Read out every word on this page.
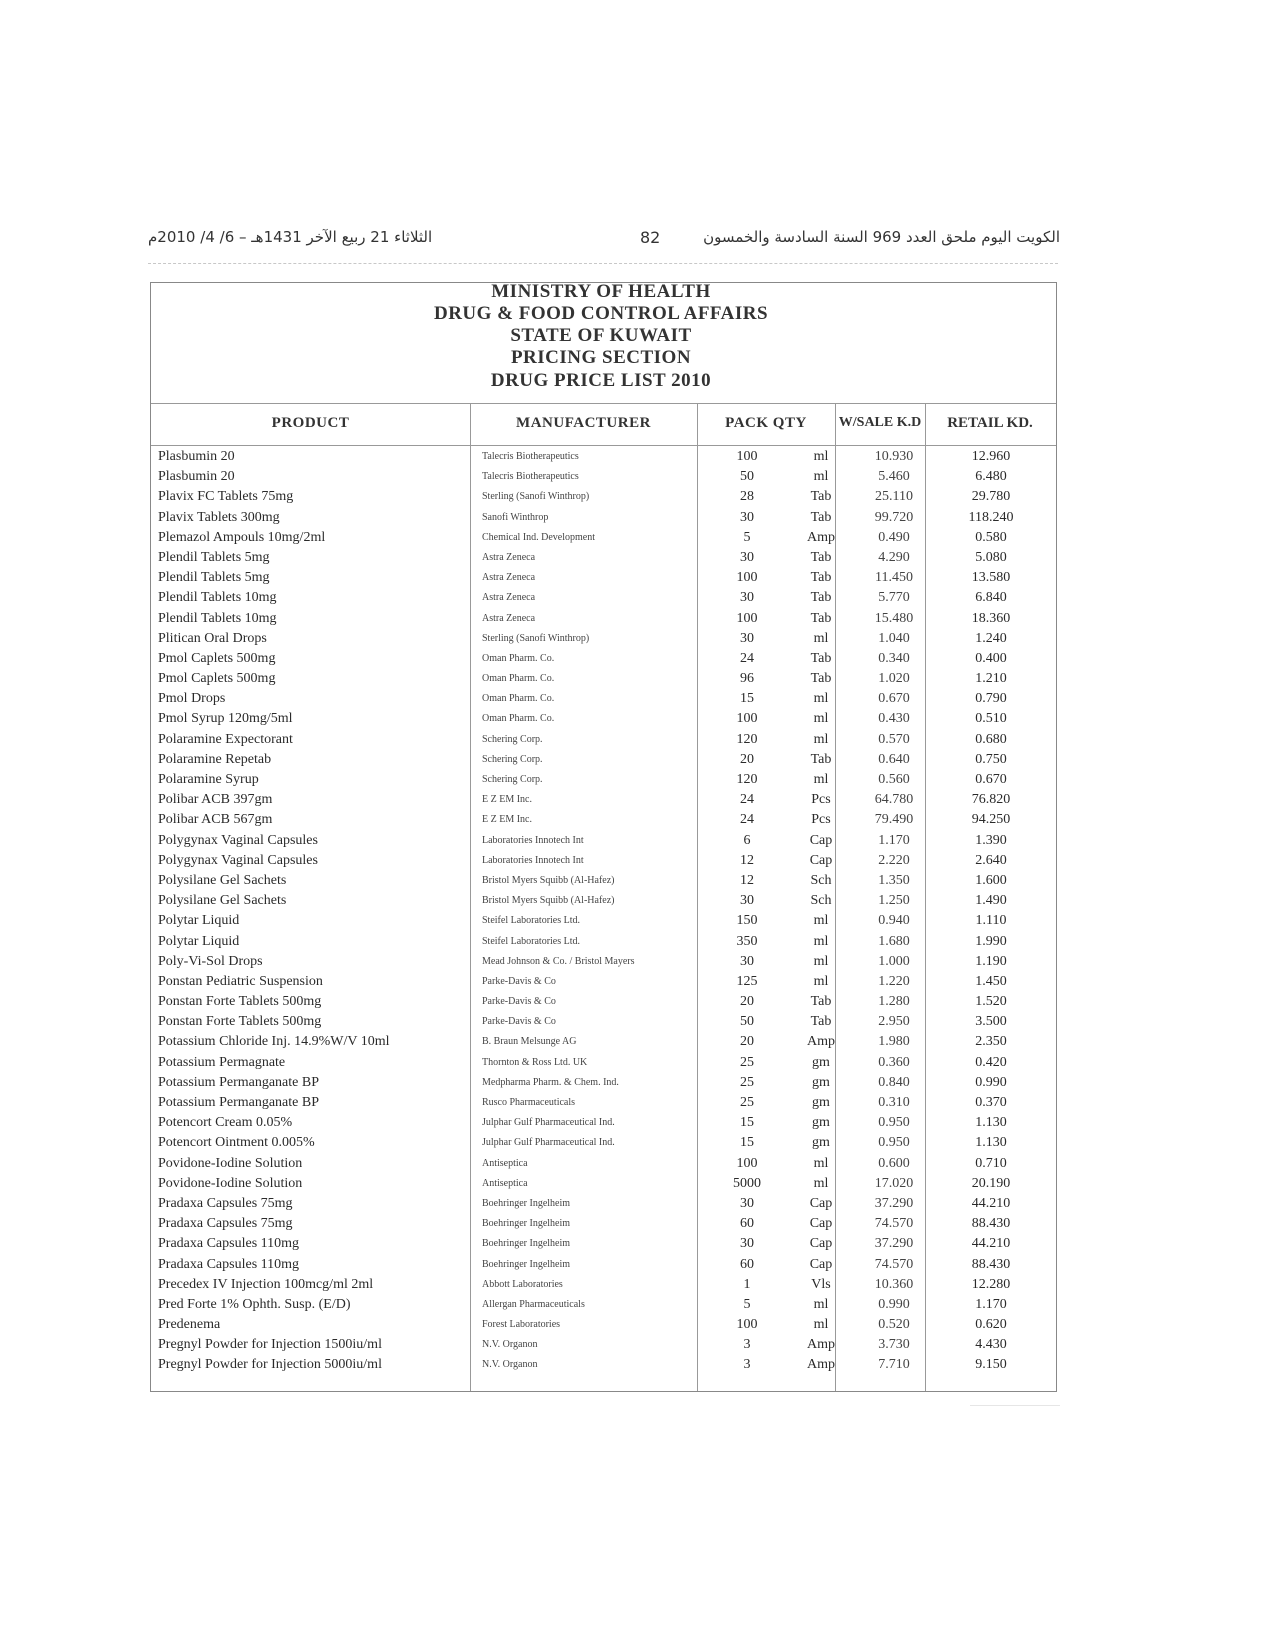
الثلاثاء 21 ربيع الآخر 1431هـ – 6/ 4/ 2010م	82	الكويت اليوم ملحق العدد 969 السنة السادسة والخمسون
MINISTRY OF HEALTH
DRUG & FOOD CONTROL AFFAIRS
STATE OF KUWAIT
PRICING SECTION
DRUG PRICE LIST 2010
PRODUCT	MANUFACTURER	PACK QTY	W/SALE K.D	RETAIL KD.
Plasbumin 20	Talecris Biotherapeutics	100	ml	10.930	12.960
Plasbumin 20	Talecris Biotherapeutics	50	ml	5.460	6.480
Plavix FC Tablets 75mg	Sterling (Sanofi Winthrop)	28	Tab	25.110	29.780
Plavix Tablets 300mg	Sanofi Winthrop	30	Tab	99.720	118.240
Plemazol Ampouls 10mg/2ml	Chemical Ind. Development	5	Amp	0.490	0.580
Plendil Tablets 5mg	Astra Zeneca	30	Tab	4.290	5.080
Plendil Tablets 5mg	Astra Zeneca	100	Tab	11.450	13.580
Plendil Tablets 10mg	Astra Zeneca	30	Tab	5.770	6.840
Plendil Tablets 10mg	Astra Zeneca	100	Tab	15.480	18.360
Plitican Oral Drops	Sterling (Sanofi Winthrop)	30	ml	1.040	1.240
Pmol Caplets 500mg	Oman Pharm. Co.	24	Tab	0.340	0.400
Pmol Caplets 500mg	Oman Pharm. Co.	96	Tab	1.020	1.210
Pmol Drops	Oman Pharm. Co.	15	ml	0.670	0.790
Pmol Syrup 120mg/5ml	Oman Pharm. Co.	100	ml	0.430	0.510
Polaramine Expectorant	Schering Corp.	120	ml	0.570	0.680
Polaramine Repetab	Schering Corp.	20	Tab	0.640	0.750
Polaramine Syrup	Schering Corp.	120	ml	0.560	0.670
Polibar ACB 397gm	E Z EM Inc.	24	Pcs	64.780	76.820
Polibar ACB 567gm	E Z EM Inc.	24	Pcs	79.490	94.250
Polygynax Vaginal Capsules	Laboratories Innotech Int	6	Cap	1.170	1.390
Polygynax Vaginal Capsules	Laboratories Innotech Int	12	Cap	2.220	2.640
Polysilane Gel Sachets	Bristol Myers Squibb (Al-Hafez)	12	Sch	1.350	1.600
Polysilane Gel Sachets	Bristol Myers Squibb (Al-Hafez)	30	Sch	1.250	1.490
Polytar Liquid	Steifel Laboratories Ltd.	150	ml	0.940	1.110
Polytar Liquid	Steifel Laboratories Ltd.	350	ml	1.680	1.990
Poly-Vi-Sol Drops	Mead Johnson & Co. / Bristol Mayers	30	ml	1.000	1.190
Ponstan Pediatric Suspension	Parke-Davis & Co	125	ml	1.220	1.450
Ponstan Forte Tablets 500mg	Parke-Davis & Co	20	Tab	1.280	1.520
Ponstan Forte Tablets 500mg	Parke-Davis & Co	50	Tab	2.950	3.500
Potassium Chloride Inj. 14.9%W/V 10ml	B. Braun Melsunge AG	20	Amp	1.980	2.350
Potassium Permagnate	Thornton & Ross Ltd. UK	25	gm	0.360	0.420
Potassium Permanganate BP	Medpharma Pharm. & Chem. Ind.	25	gm	0.840	0.990
Potassium Permanganate BP	Rusco Pharmaceuticals	25	gm	0.310	0.370
Potencort Cream 0.05%	Julphar Gulf Pharmaceutical Ind.	15	gm	0.950	1.130
Potencort Ointment 0.005%	Julphar Gulf Pharmaceutical Ind.	15	gm	0.950	1.130
Povidone-Iodine Solution	Antiseptica	100	ml	0.600	0.710
Povidone-Iodine Solution	Antiseptica	5000	ml	17.020	20.190
Pradaxa Capsules 75mg	Boehringer Ingelheim	30	Cap	37.290	44.210
Pradaxa Capsules 75mg	Boehringer Ingelheim	60	Cap	74.570	88.430
Pradaxa Capsules 110mg	Boehringer Ingelheim	30	Cap	37.290	44.210
Pradaxa Capsules 110mg	Boehringer Ingelheim	60	Cap	74.570	88.430
Precedex IV Injection 100mcg/ml 2ml	Abbott Laboratories	1	Vls	10.360	12.280
Pred Forte 1% Ophth. Susp. (E/D)	Allergan Pharmaceuticals	5	ml	0.990	1.170
Predenema	Forest Laboratories	100	ml	0.520	0.620
Pregnyl Powder for Injection 1500iu/ml	N.V. Organon	3	Amp	3.730	4.430
Pregnyl Powder for Injection 5000iu/ml	N.V. Organon	3	Amp	7.710	9.150
